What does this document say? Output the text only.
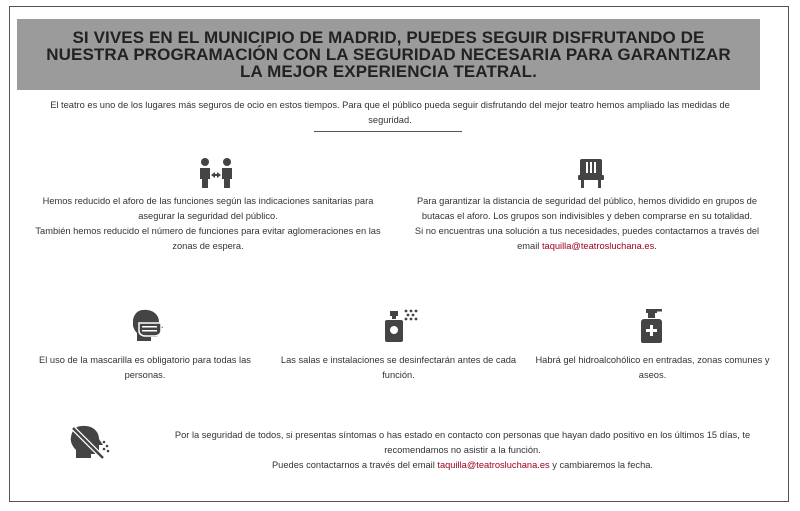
SI VIVES EN EL MUNICIPIO DE MADRID, PUEDES SEGUIR DISFRUTANDO DE NUESTRA PROGRAMACIÓN CON LA SEGURIDAD NECESARIA PARA GARANTIZAR LA MEJOR EXPERIENCIA TEATRAL.
El teatro es uno de los lugares más seguros de ocio en estos tiempos. Para que el público pueda seguir disfrutando del mejor teatro hemos ampliado las medidas de seguridad.
Hemos reducido el aforo de las funciones según las indicaciones sanitarias para asegurar la seguridad del público.
También hemos reducido el número de funciones para evitar aglomeraciones en las zonas de espera.
Para garantizar la distancia de seguridad del público, hemos dividido en grupos de butacas el aforo. Los grupos son indivisibles y deben comprarse en su totalidad.
Si no encuentras una solución a tus necesidades, puedes contactarnos a través del email taquilla@teatrosluchana.es.
El uso de la mascarilla es obligatorio para todas las personas.
Las salas e instalaciones se desinfectarán antes de cada función.
Habrá gel hidroalcohólico en entradas, zonas comunes y aseos.
Por la seguridad de todos, si presentas síntomas o has estado en contacto con personas que hayan dado positivo en los últimos 15 días, te recomendamos no asistir a la función.
Puedes contactarnos a través del email taquilla@teatrosluchana.es y cambiaremos la fecha.
